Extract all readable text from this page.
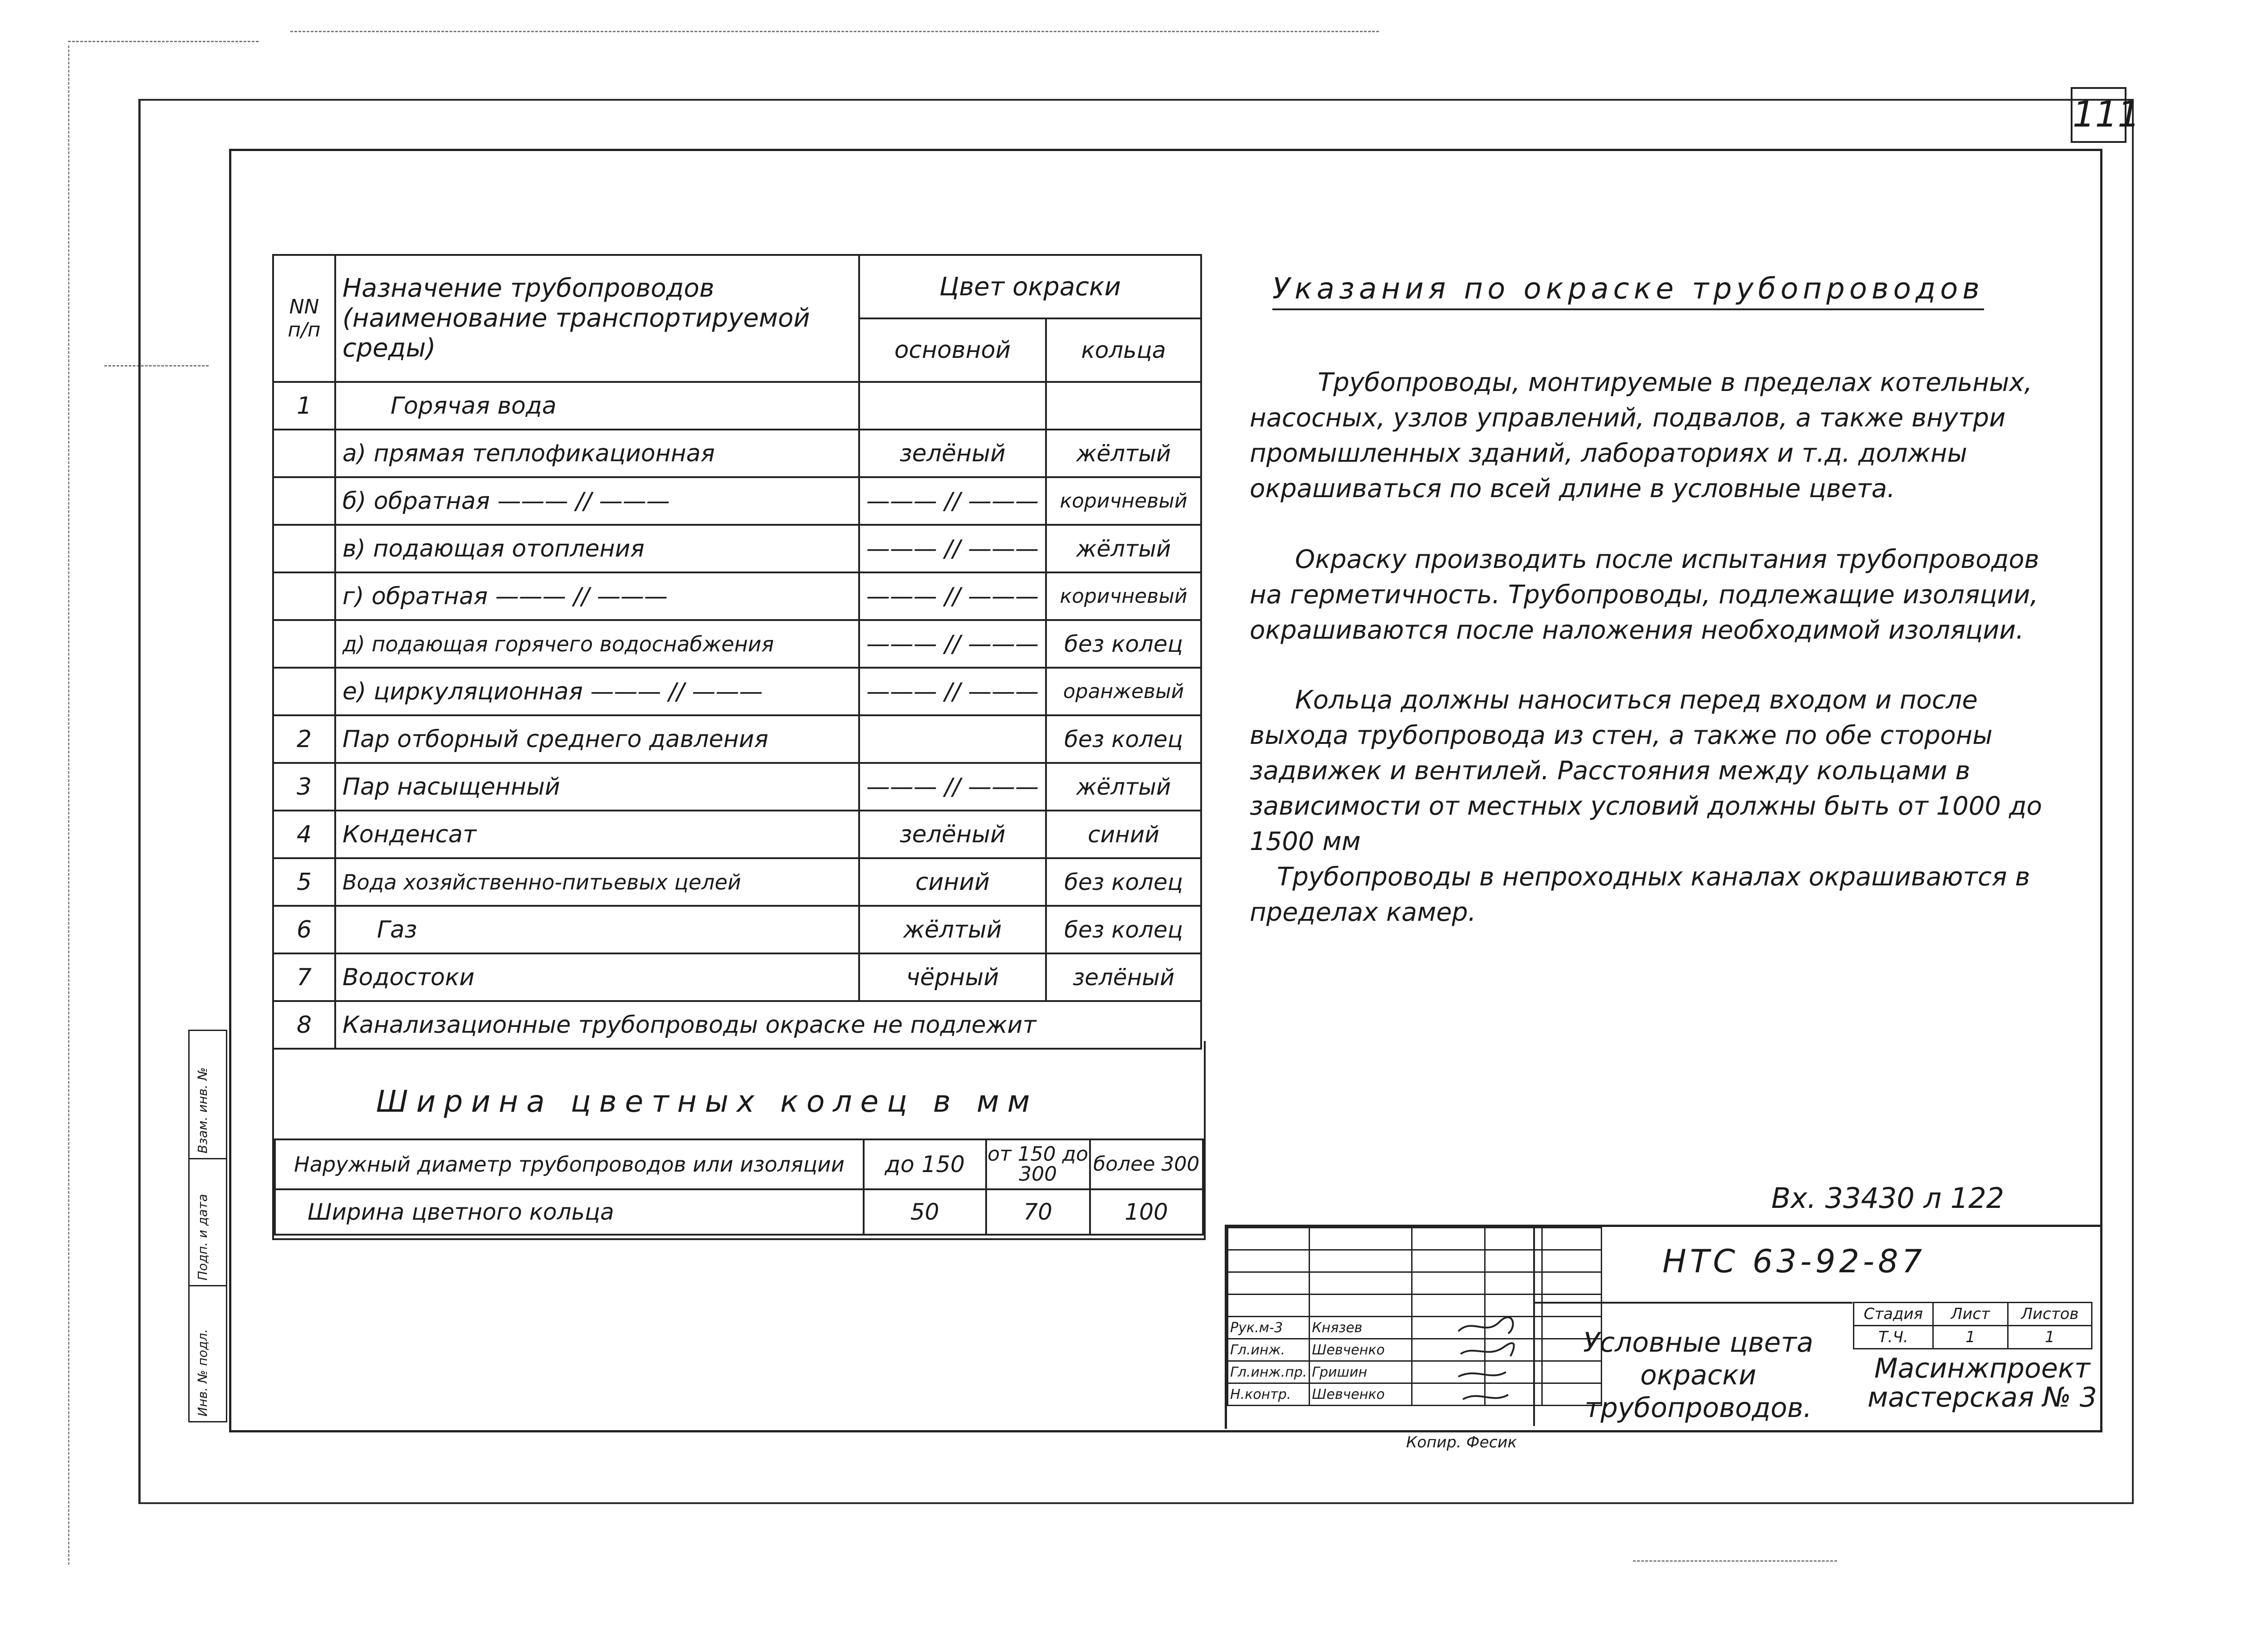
111
NN п/п	Назначение трубопроводов (наименование транспортируемой среды)	Цвет окраски	
		основной	кольца
1	Горячая вода		
	а) прямая теплофикационная	зелёный	жёлтый
	б) обратная ——— // ———	——— // ———	коричневый
	в) подающая отопления	——— // ———	жёлтый
	г) обратная ——— // ———	——— // ———	коричневый
	д) подающая горячего водоснабжения	——— // ———	без колец
	е) циркуляционная ——— // ———	——— // ———	оранжевый
2	Пар отборный среднего давления		без колец
3	Пар насыщенный	——— // ———	жёлтый
4	Конденсат	зелёный	синий
5	Вода хозяйственно-питьевых целей	синий	без колец
6	Газ	жёлтый	без колец
7	Водостоки	чёрный	зелёный
8	Канализационные трубопроводы окраске не подлежит		
Ширина цветных колец в мм
Наружный диаметр трубопроводов или изоляции	до 150	от 150 до 300	более 300
Ширина цветного кольца	50	70	100
Указания по окраске трубопроводов
Трубопроводы, монтируемые в пределах котельных, насосных, узлов управлений, подвалов, а также внутри промышленных зданий, лабораториях и т.д. должны окрашиваться по всей длине в условные цвета.
Окраску производить после испытания трубопроводов на герметичность. Трубопроводы, подлежащие изоляции, окрашиваются после наложения необходимой изоляции.
Кольца должны наноситься перед входом и после выхода трубопровода из стен, а также по обе стороны задвижек и вентилей. Расстояния между кольцами в зависимости от местных условий должны быть от 1000 до 1500 мм
Трубопроводы в непроходных каналах окрашиваются в пределах камер.
Вх. 33430 л 122

Рук.м-3	Князев			
Гл.инж.	Шевченко			
Гл.инж.пр.	Гришин			
Н.контр.	Шевченко			
НТС 63-92-87
Условные цвета окраски трубопроводов.
Стадия	Лист	Листов
Т.Ч.	1	1
Масинжпроект мастерская № 3
Копир. Фесик
Инв. № подл.
Подп. и дата
Взам. инв. №
